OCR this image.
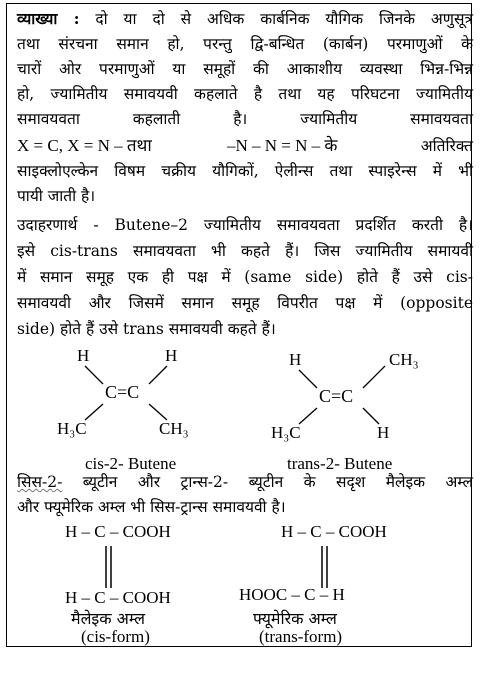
व्याख्या : दो या दो से अधिक कार्बनिक यौगिक जिनके अणुसूत्र
तथा संरचना समान हो, परन्तु द्वि-बन्धित (कार्बन) परमाणुओं के
चारों ओर परमाणुओं या समूहों की आकाशीय व्यवस्था भिन्न-भिन्न
हो, ज्यामितीय समावयवी कहलाते है तथा यह परिघटना ज्यामितीय
समावयवता कहलाती है। ज्यामितीय समावयवता
X = C, X = N – तथा	–N – N = N – के	अतिरिक्त
साइक्लोएल्केन विषम चक्रीय यौगिकों, ऐलीन्स तथा स्पाइरेन्स में भी
पायी जाती है।
उदाहरणार्थ - Butene–2 ज्यामितीय समावयवता प्रदर्शित करती है।
इसे cis-trans समावयवता भी कहते हैं। जिस ज्यामितीय समायवी
में समान समूह एक ही पक्ष में (same side) होते हैं उसे cis-
समावयवी और जिसमें समान समूह विपरीत पक्ष में (opposite
side) होते हैं उसे trans समावयवी कहते हैं।
H	H
C=C
H₃C	CH₃
H	CH₃
C=C
H₃C	H
cis-2- Butene	trans-2- Butene
सिस-2- ब्यूटीन और ट्रान्स-2- ब्यूटीन के सदृश मैलेइक अम्ल
और फ्यूमेरिक अम्ल भी सिस-ट्रान्स समावयवी है।
H – C – COOH
H – C – COOH
मैलेइक अम्ल
(cis-form)
H – C – COOH
HOOC – C – H
फ्यूमेरिक अम्ल
(trans-form)
